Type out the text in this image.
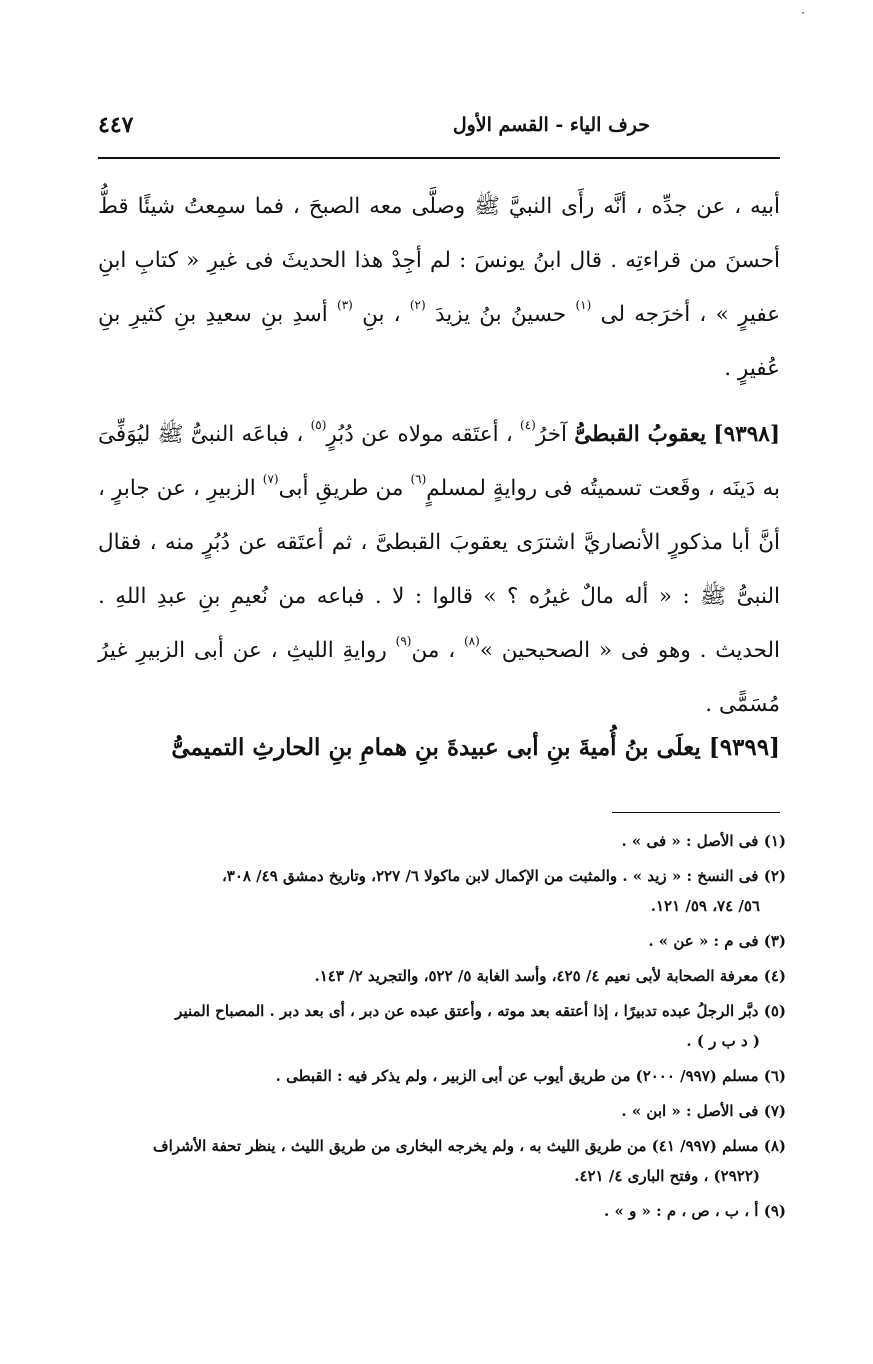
حرف الياء - القسم الأول
٤٤٧

أبيه ، عن جدِّه ، أنَّه رأَى النبيَّ ﷺ وصلَّى معه الصبحَ ، فما سمِعتُ شيئًا قطُّ أحسنَ من قراءتِه . قال ابنُ يونسَ : لم أجِدْ هذا الحديثَ فى غيرِ « كتابِ ابنِ عفيرٍ » ، أخرَجه لى $^{(١)}$ حسينُ بنُ يزيدَ $^{(٢)}$ ، بنِ $^{(٣)}$ أسدِ بنِ سعيدِ بنِ كثيرِ بنِ عُفيرٍ .

[٩٣٩٨] يعقوبُ القبطىُّ آخرُ$^{(٤)}$ ، أعتَقه مولاه عن دُبُرٍ$^{(٥)}$ ، فباعَه النبىُّ ﷺ ليُوَفِّىَ به دَينَه ، وقَعت تسميتُه فى روايةٍ لمسلمٍ$^{(٦)}$ من طريقِ أبى$^{(٧)}$ الزبيرِ ، عن جابرٍ ، أنَّ أبا مذكورٍ الأنصاريَّ اشترَى يعقوبَ القبطىَّ ، ثم أعتَقه عن دُبُرٍ منه ، فقال النبىُّ ﷺ : « أله مالٌ غيرُه ؟ » قالوا : لا . فباعه من نُعيمِ بنِ عبدِ اللهِ . الحديث . وهو فى « الصحيحين »$^{(٨)}$ ، من$^{(٩)}$ روايةِ الليثِ ، عن أبى الزبيرِ غيرُ مُسَمًّى .

[٩٣٩٩] يعلَى بنُ أُميةَ بنِ أبى عبيدةَ بنِ همامِ بنِ الحارثِ التميمىُّ

(١) فى الأصل : « فى » .

(٢) فى النسخ : « زيد » . والمثبت من الإكمال لابن ماكولا ٦/ ٢٢٧، وتاريخ دمشق ٤٩/ ٣٠٨،
٥٦/ ٧٤، ٥٩/ ١٢١.

(٣) فى م : « عن » .

(٤) معرفة الصحابة لأبى نعيم ٤/ ٤٢٥، وأسد الغابة ٥/ ٥٢٢، والتجريد ٢/ ١٤٣.

(٥) دبَّر الرجلُ عبده تدبيرًا ، إذا أعتقه بعد موته ، وأعتق عبده عن دبر ، أى بعد دبر . المصباح المنير
( د ب ر ) .

(٦) مسلم (٩٩٧/ ٢٠٠٠) من طريق أيوب عن أبى الزبير ، ولم يذكر فيه : القبطى .

(٧) فى الأصل : « ابن » .

(٨) مسلم (٩٩٧/ ٤١) من طريق الليث به ، ولم يخرجه البخارى من طريق الليث ، ينظر تحفة الأشراف
(٢٩٢٢) ، وفتح البارى ٤/ ٤٢١.

(٩) أ ، ب ، ص ، م : « و » .
